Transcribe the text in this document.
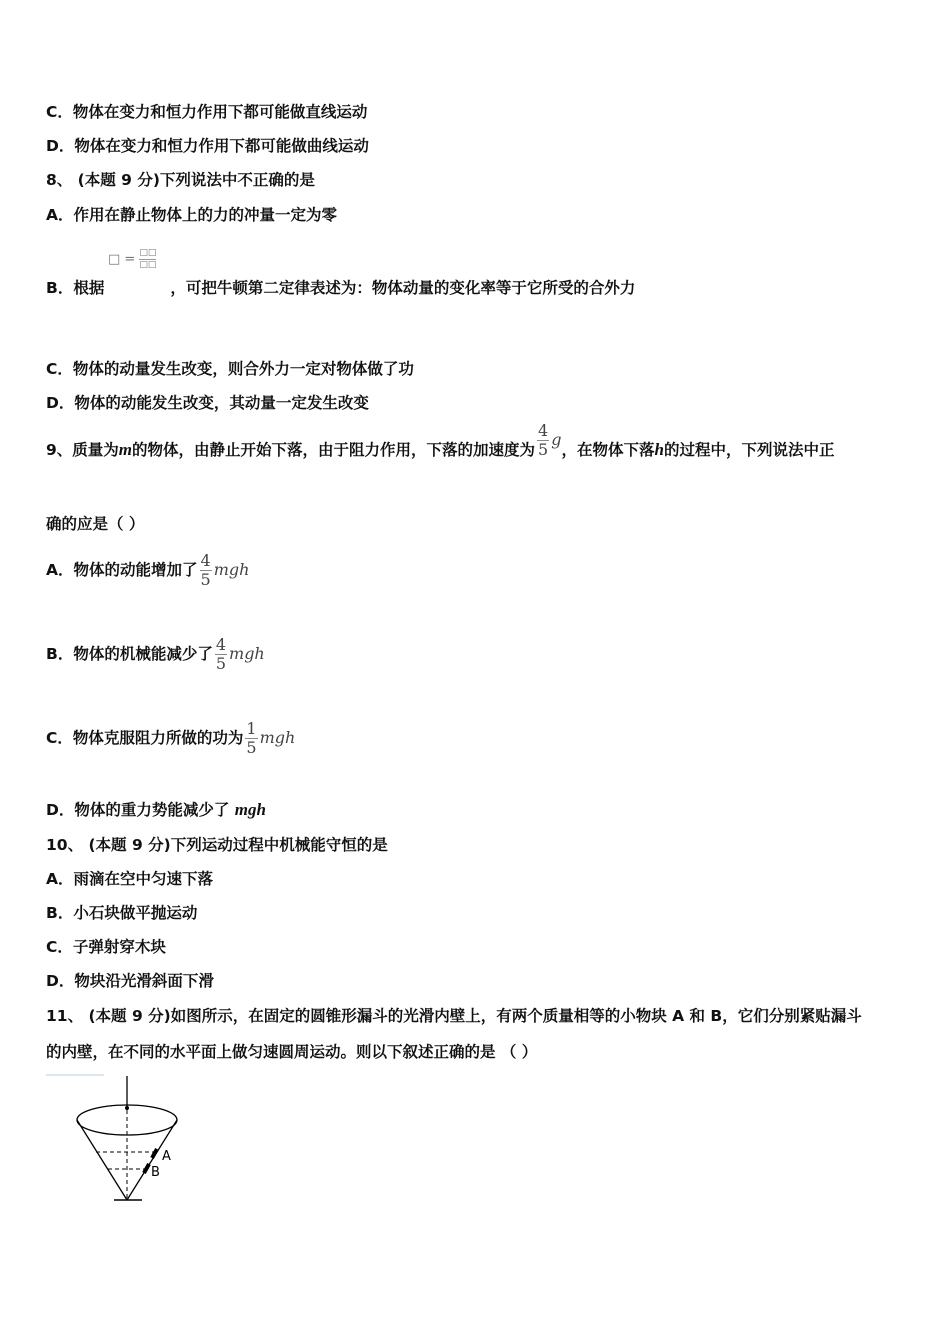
C．物体在变力和恒力作用下都可能做直线运动
D．物体在变力和恒力作用下都可能做曲线运动
8、 (本题 9 分)下列说法中不正确的是
A．作用在静止物体上的力的冲量一定为零
□ = □□
□□
B．根据	，可把牛顿第二定律表述为：物体动量的变化率等于它所受的合外力
C．物体的动量发生改变，则合外力一定对物体做了功
D．物体的动能发生改变，其动量一定发生改变
9、质量为m的物体，由静止开始下落，由于阻力作用，下落的加速度为 $\frac{4}{5}$ g，在物体下落h的过程中，下列说法中正
确的应是（ ）
A．物体的动能增加了 $\frac{4}{5}$ mgh
B．物体的机械能减少了 $\frac{4}{5}$ mgh
C．物体克服阻力所做的功为 $\frac{1}{5}$ mgh
D．物体的重力势能减少了 mgh
10、 (本题 9 分)下列运动过程中机械能守恒的是
A．雨滴在空中匀速下落
B．小石块做平抛运动
C．子弹射穿木块
D．物块沿光滑斜面下滑
11、 (本题 9 分)如图所示，在固定的圆锥形漏斗的光滑内壁上，有两个质量相等的小物块 A 和 B，它们分别紧贴漏斗
的内壁，在不同的水平面上做匀速圆周运动。则以下叙述正确的是 （ ）
A
B
